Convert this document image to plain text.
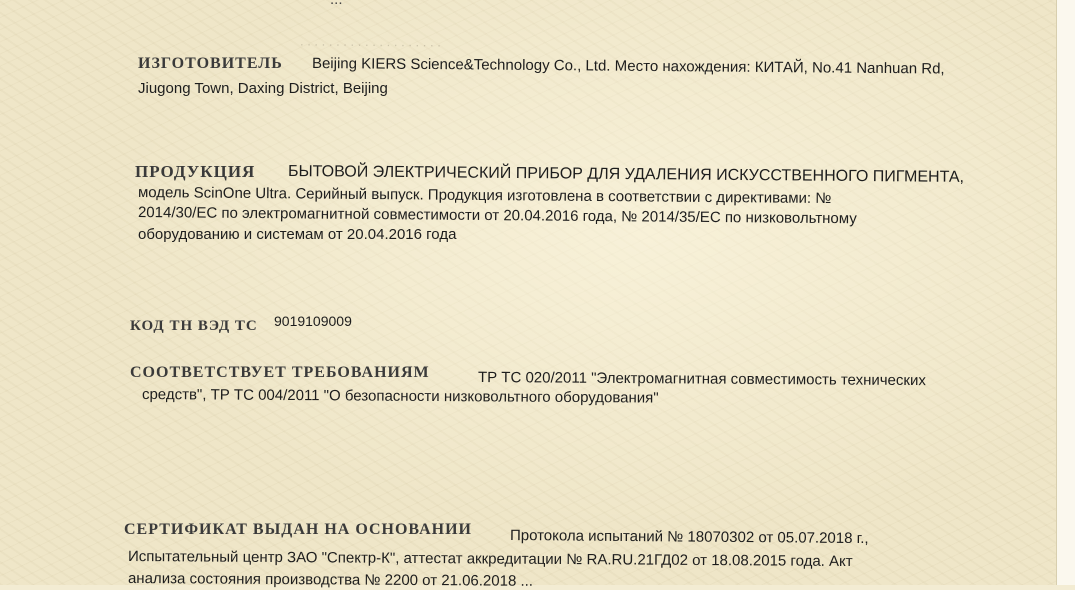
. . . . . . . . . . . . . . . . . . . .
ИЗГОТОВИТЕЛЬ Beijing KIERS Science&Technology Co., Ltd. Место нахождения: КИТАЙ, No.41 Nanhuan Rd,
Jiugong Town, Daxing District, Beijing
ПРОДУКЦИЯ БЫТОВОЙ ЭЛЕКТРИЧЕСКИЙ ПРИБОР ДЛЯ УДАЛЕНИЯ ИСКУССТВЕННОГО ПИГМЕНТА,
модель ScinOne Ultra. Серийный выпуск. Продукция изготовлена в соответствии с директивами: №
2014/30/ЕС по электромагнитной совместимости от 20.04.2016 года, № 2014/35/ЕС по низковольтному
оборудованию и системам от 20.04.2016 года
КОД ТН ВЭД ТС 9019109009
СООТВЕТСТВУЕТ ТРЕБОВАНИЯМ	ТР ТС 020/2011 "Электромагнитная совместимость технических
средств", ТР ТС 004/2011 "О безопасности низковольтного оборудования"
СЕРТИФИКАТ ВЫДАН НА ОСНОВАНИИ	Протокола испытаний № 18070302 от 05.07.2018 г.,
Испытательный центр ЗАО "Спектр-К", аттестат аккредитации № RA.RU.21ГД02 от 18.08.2015 года. Акт
анализа состояния производства № 2200 от 21.06.2018 ...
